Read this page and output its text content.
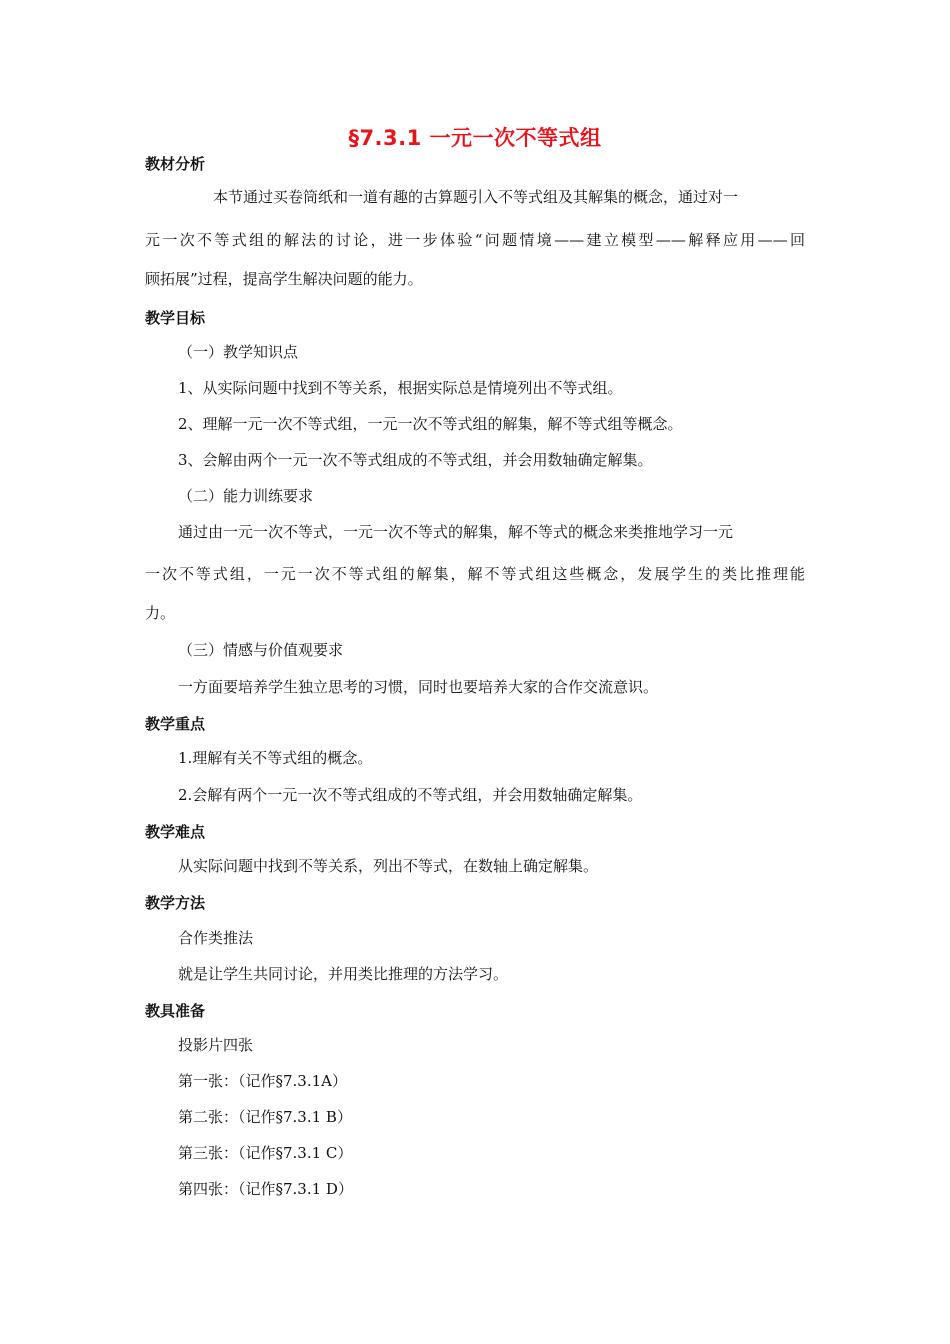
§7.3.1 一元一次不等式组
教材分析
本节通过买卷筒纸和一道有趣的古算题引入不等式组及其解集的概念，通过对一
元一次不等式组的解法的讨论，进一步体验“问题情境——建立模型——解释应用——回
顾拓展”过程，提高学生解决问题的能力。
教学目标
（一）教学知识点
1、从实际问题中找到不等关系，根据实际总是情境列出不等式组。
2、理解一元一次不等式组，一元一次不等式组的解集，解不等式组等概念。
3、会解由两个一元一次不等式组成的不等式组，并会用数轴确定解集。
（二）能力训练要求
通过由一元一次不等式，一元一次不等式的解集，解不等式的概念来类推地学习一元
一次不等式组，一元一次不等式组的解集，解不等式组这些概念，发展学生的类比推理能
力。
（三）情感与价值观要求
一方面要培养学生独立思考的习惯，同时也要培养大家的合作交流意识。
教学重点
1.理解有关不等式组的概念。
2.会解有两个一元一次不等式组成的不等式组，并会用数轴确定解集。
教学难点
从实际问题中找到不等关系，列出不等式，在数轴上确定解集。
教学方法
合作类推法
就是让学生共同讨论，并用类比推理的方法学习。
教具准备
投影片四张
第一张：（记作§7.3.1A）
第二张：（记作§7.3.1 B）
第三张：（记作§7.3.1 C）
第四张：（记作§7.3.1 D）
